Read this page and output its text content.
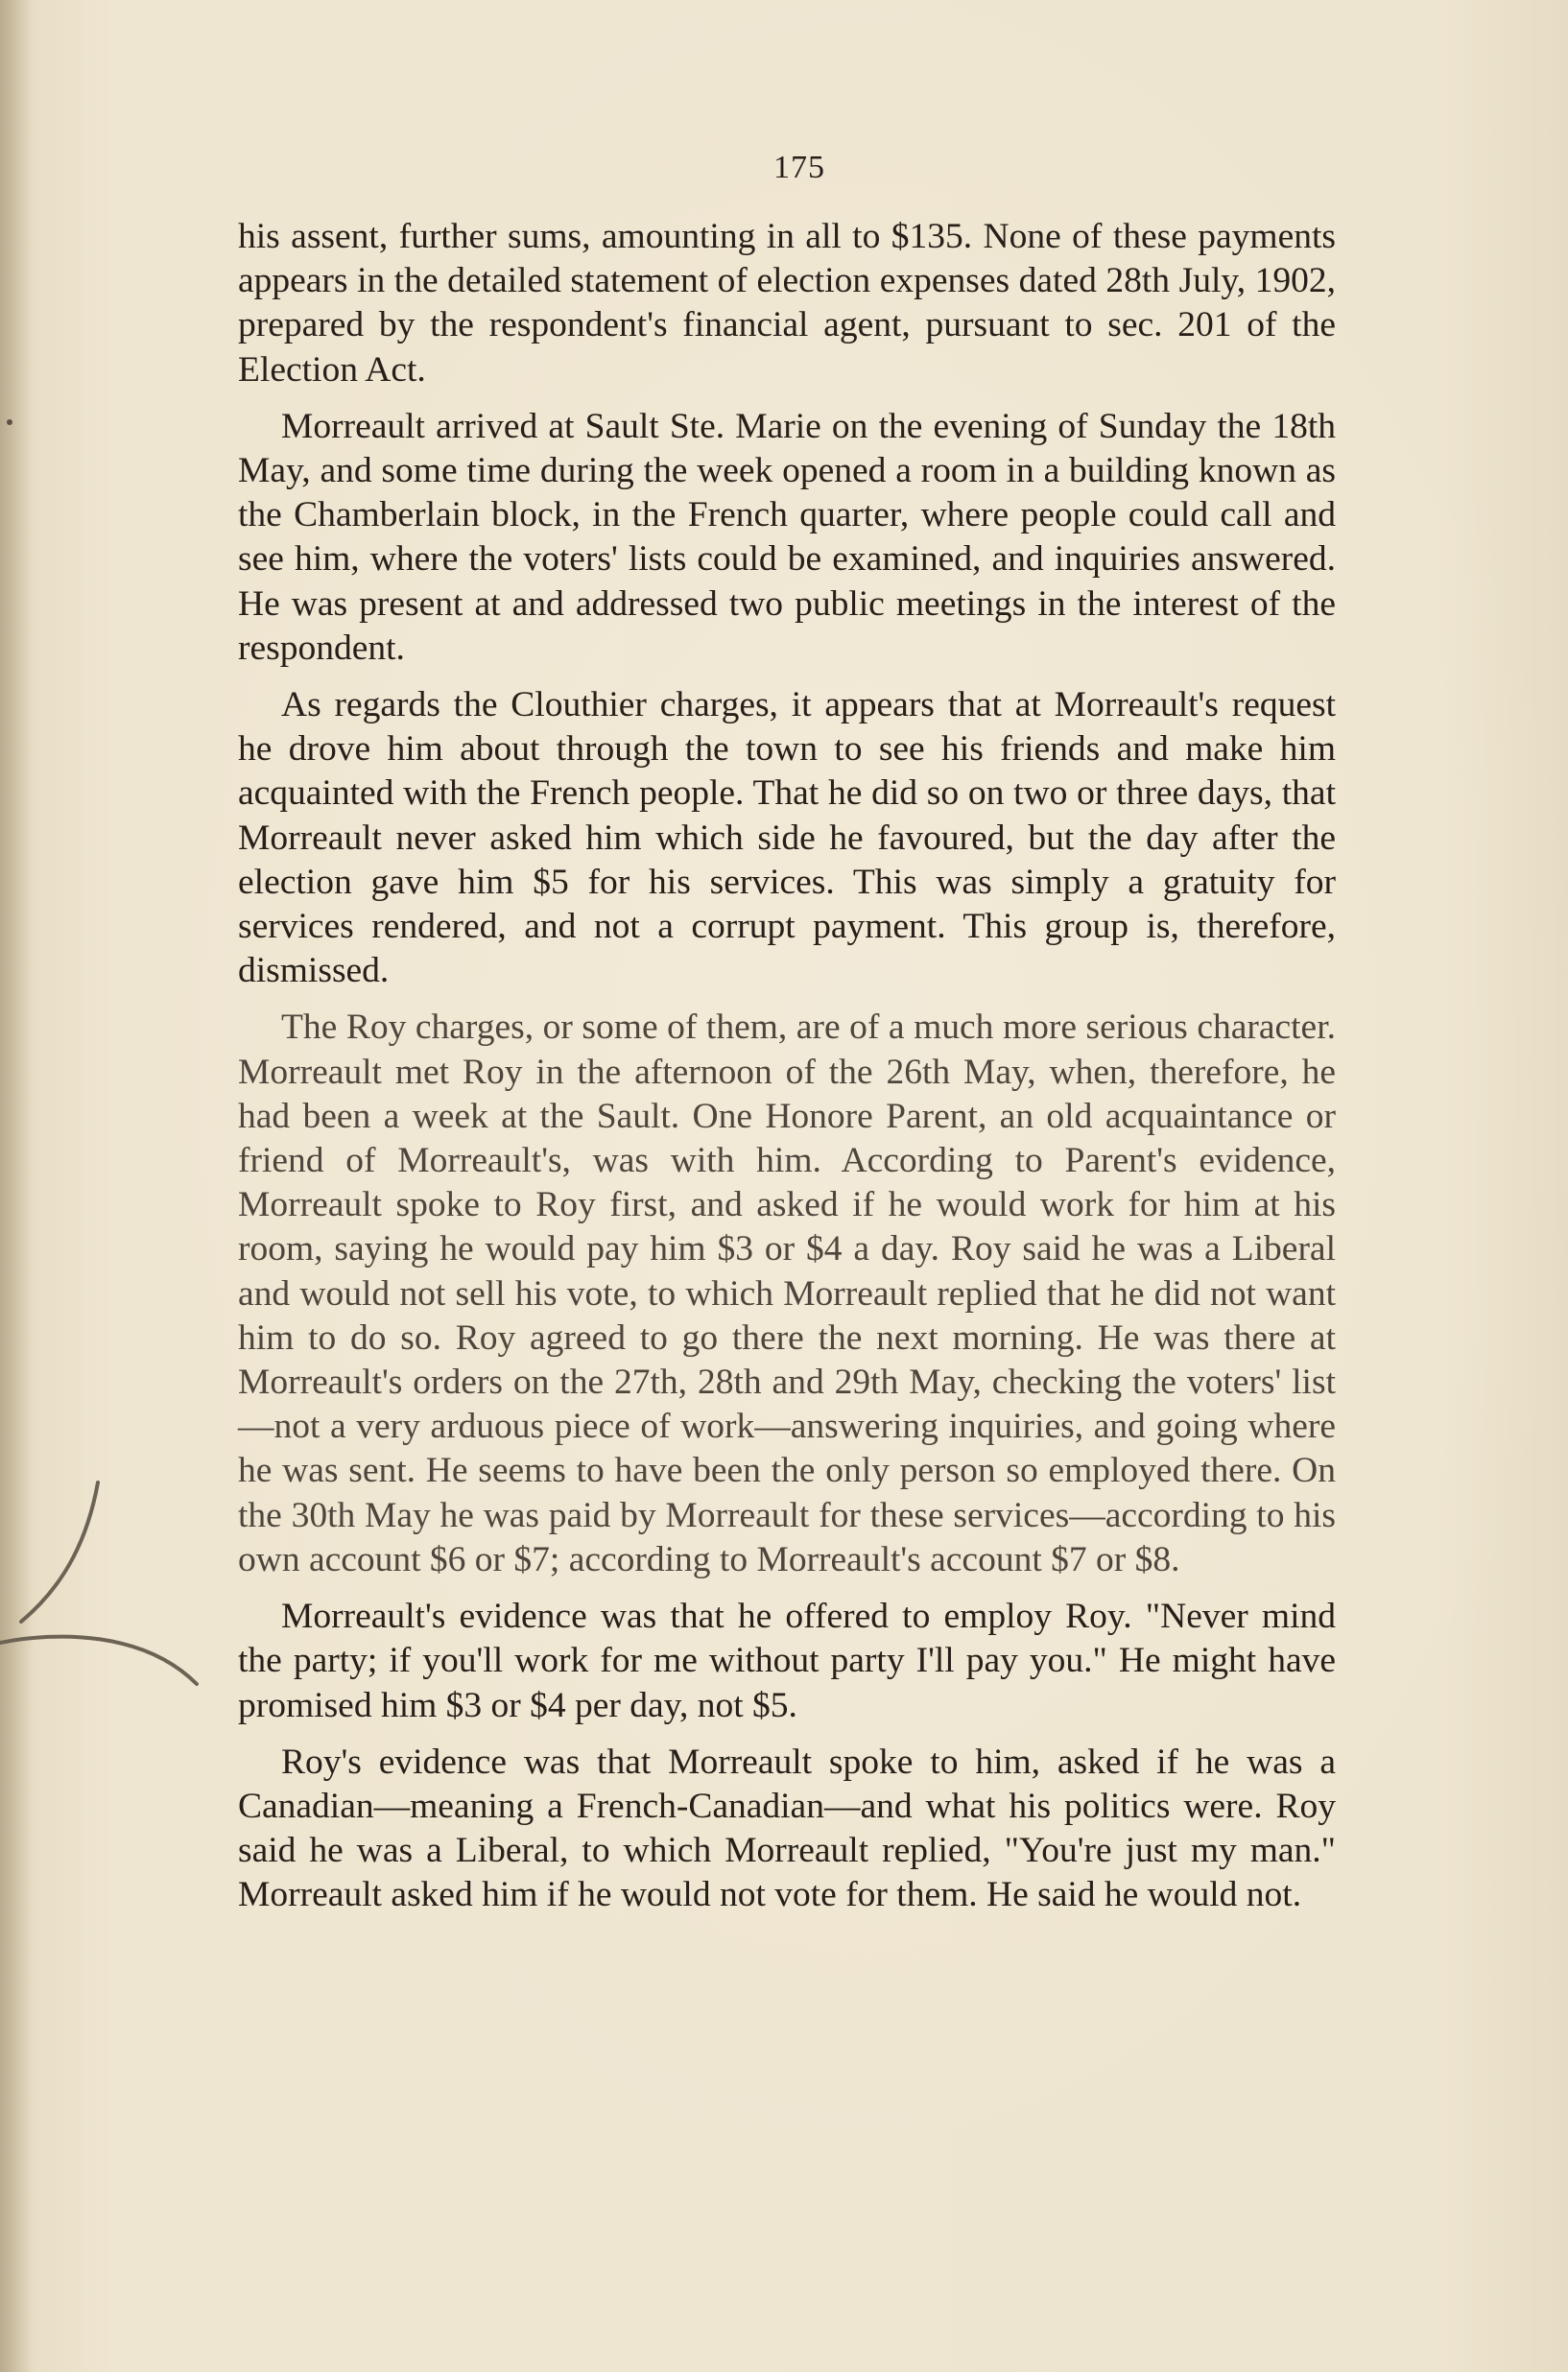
175

his assent, further sums, amounting in all to $135. None of these payments appears in the detailed statement of election expenses dated 28th July, 1902, prepared by the respondent's financial agent, pursuant to sec. 201 of the Election Act.

Morreault arrived at Sault Ste. Marie on the evening of Sunday the 18th May, and some time during the week opened a room in a building known as the Chamberlain block, in the French quarter, where people could call and see him, where the voters' lists could be examined, and inquiries answered. He was present at and addressed two public meetings in the interest of the respondent.

As regards the Clouthier charges, it appears that at Morreault's request he drove him about through the town to see his friends and make him acquainted with the French people. That he did so on two or three days, that Morreault never asked him which side he favoured, but the day after the election gave him $5 for his services. This was simply a gratuity for services rendered, and not a corrupt payment. This group is, therefore, dismissed.

The Roy charges, or some of them, are of a much more serious character. Morreault met Roy in the afternoon of the 26th May, when, therefore, he had been a week at the Sault. One Honore Parent, an old acquaintance or friend of Morreault's, was with him. According to Parent's evidence, Morreault spoke to Roy first, and asked if he would work for him at his room, saying he would pay him $3 or $4 a day. Roy said he was a Liberal and would not sell his vote, to which Morreault replied that he did not want him to do so. Roy agreed to go there the next morning. He was there at Morreault's orders on the 27th, 28th and 29th May, checking the voters' list—not a very arduous piece of work—answering inquiries, and going where he was sent. He seems to have been the only person so employed there. On the 30th May he was paid by Morreault for these services—according to his own account $6 or $7; according to Morreault's account $7 or $8.

Morreault's evidence was that he offered to employ Roy. "Never mind the party; if you'll work for me without party I'll pay you." He might have promised him $3 or $4 per day, not $5.

Roy's evidence was that Morreault spoke to him, asked if he was a Canadian—meaning a French-Canadian—and what his politics were. Roy said he was a Liberal, to which Morreault replied, "You're just my man." Morreault asked him if he would not vote for them. He said he would not.
